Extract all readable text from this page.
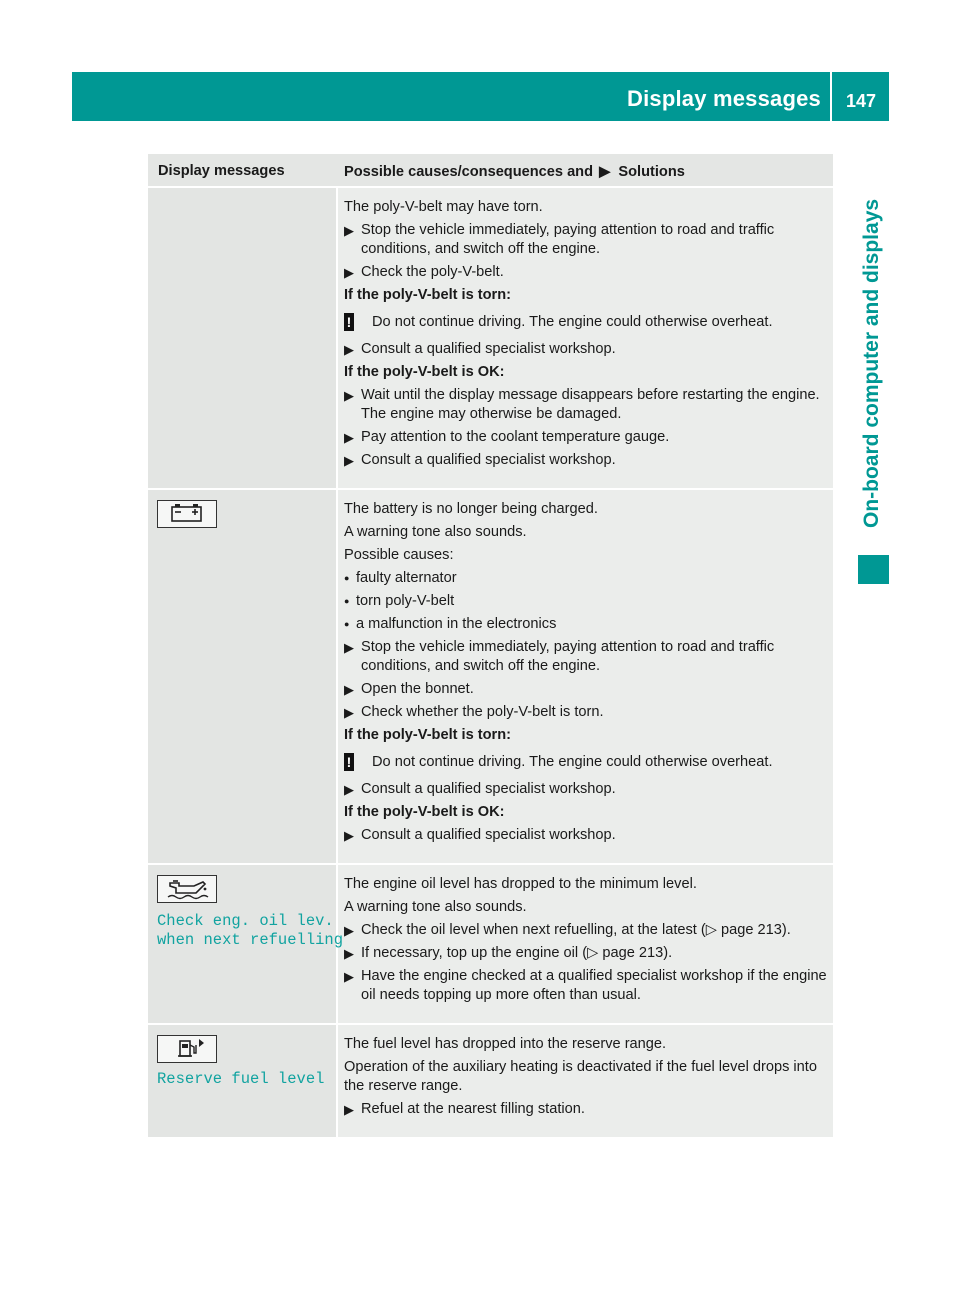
Display messages 147
On-board computer and displays
Display messages	Possible causes/consequences and ▶ Solutions
The poly-V-belt may have torn.
▶ Stop the vehicle immediately, paying attention to road and traffic conditions, and switch off the engine.
▶ Check the poly-V-belt.
If the poly-V-belt is torn:
! Do not continue driving. The engine could otherwise overheat.
▶ Consult a qualified specialist workshop.
If the poly-V-belt is OK:
▶ Wait until the display message disappears before restarting the engine. The engine may otherwise be damaged.
▶ Pay attention to the coolant temperature gauge.
▶ Consult a qualified specialist workshop.
The battery is no longer being charged.
A warning tone also sounds.
Possible causes:
● faulty alternator
● torn poly-V-belt
● a malfunction in the electronics
▶ Stop the vehicle immediately, paying attention to road and traffic conditions, and switch off the engine.
▶ Open the bonnet.
▶ Check whether the poly-V-belt is torn.
If the poly-V-belt is torn:
! Do not continue driving. The engine could otherwise overheat.
▶ Consult a qualified specialist workshop.
If the poly-V-belt is OK:
▶ Consult a qualified specialist workshop.
Check eng. oil lev.
when next refuelling
The engine oil level has dropped to the minimum level.
A warning tone also sounds.
▶ Check the oil level when next refuelling, at the latest (▷ page 213).
▶ If necessary, top up the engine oil (▷ page 213).
▶ Have the engine checked at a qualified specialist workshop if the engine oil needs topping up more often than usual.
Reserve fuel level
The fuel level has dropped into the reserve range.
Operation of the auxiliary heating is deactivated if the fuel level drops into the reserve range.
▶ Refuel at the nearest filling station.
